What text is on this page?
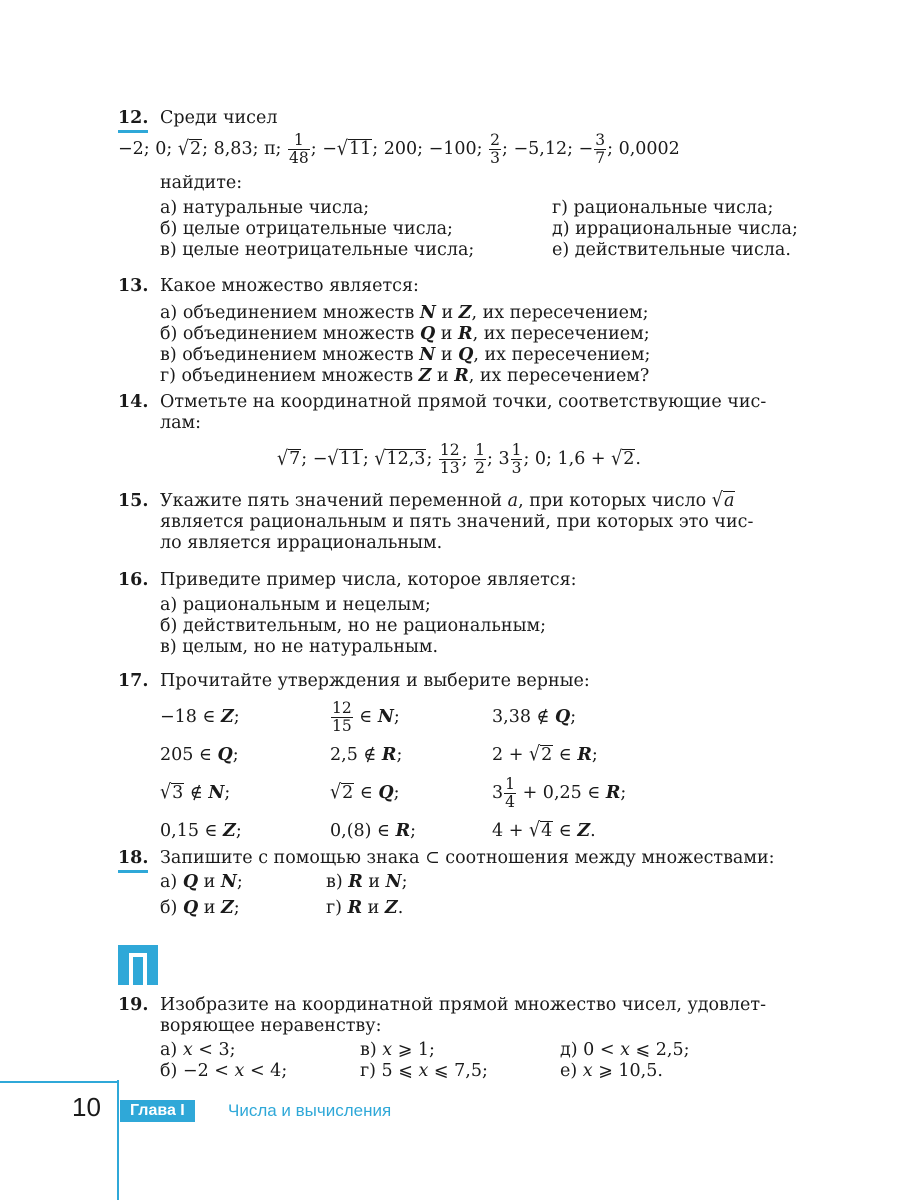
12. Среди чисел
−2; 0; √2; 8,83; π; $\frac{1}{48}$ ; −√11; 200; −100; $\frac{2}{3}$ ; −5,12; − $\frac{3}{7}$ ; 0,0002
найдите:
а) натуральные числа;
б) целые отрицательные числа;
в) целые неотрицательные числа;
г) рациональные числа;
д) иррациональные числа;
е) действительные числа.
13. Какое множество является:
а) объединением множеств N и Z, их пересечением;
б) объединением множеств Q и R, их пересечением;
в) объединением множеств N и Q, их пересечением;
г) объединением множеств Z и R, их пересечением?
14. Отметьте на координатной прямой точки, соответствующие чис-
лам:
√7; −√11; √12,3; $\frac{12}{13}$ ; $\frac{1}{2}$ ; $3 \frac{1}{3}$ ; 0; 1,6 + √2.
15. Укажите пять значений переменной a, при которых число √a
является рациональным и пять значений, при которых это чис-
ло является иррациональным.
16. Приведите пример числа, которое является:
а) рациональным и нецелым;
б) действительным, но не рациональным;
в) целым, но не натуральным.
17. Прочитайте утверждения и выберите верные:
−18 ∈ Z;	$\frac{12}{15}$ ∈ N;	3,38 ∉ Q;
205 ∈ Q;	2,5 ∉ R;	2 + √2 ∈ R;
√3 ∉ N;	√2 ∈ Q;	$3 \frac{1}{4} + 0,25$ ∈ R;
0,15 ∈ Z;	0,(8) ∈ R;	4 + √4 ∈ Z.
18. Запишите с помощью знака ⊂ соотношения между множествами:
а) Q и N;
б) Q и Z;
в) R и N;
г) R и Z.
19. Изобразите на координатной прямой множество чисел, удовлет-
воряющее неравенству:
а) x < 3;
б) −2 < x < 4;
в) x ⩾ 1;
г) 5 ⩽ x ⩽ 7,5;
д) 0 < x ⩽ 2,5;
е) x ⩾ 10,5.
10	Глава I	Числа и вычисления
